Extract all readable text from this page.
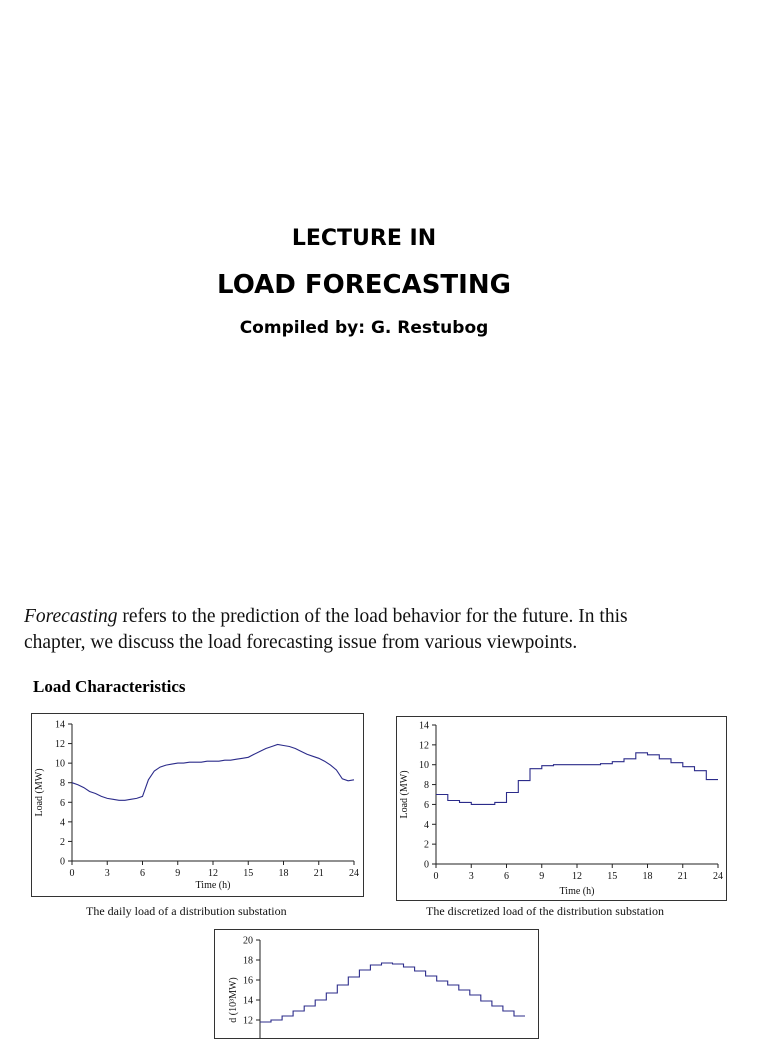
LECTURE IN
LOAD FORECASTING
Compiled by: G. Restubog
Forecasting refers to the prediction of the load behavior for the future. In this
chapter, we discuss the load forecasting issue from various viewpoints.
Load Characteristics
0	3	6	9	12	15	18	21	24
0
2
4
6
8
10
12
14
Time (h)
Load (MW)
The daily load of a distribution substation
0	3	6	9	12	15	18	21	24
0
2
4
6
8
10
12
14
Time (h)
Load (MW)
The discretized load of the distribution substation
12
14
16
18
20
d (10³MW)
